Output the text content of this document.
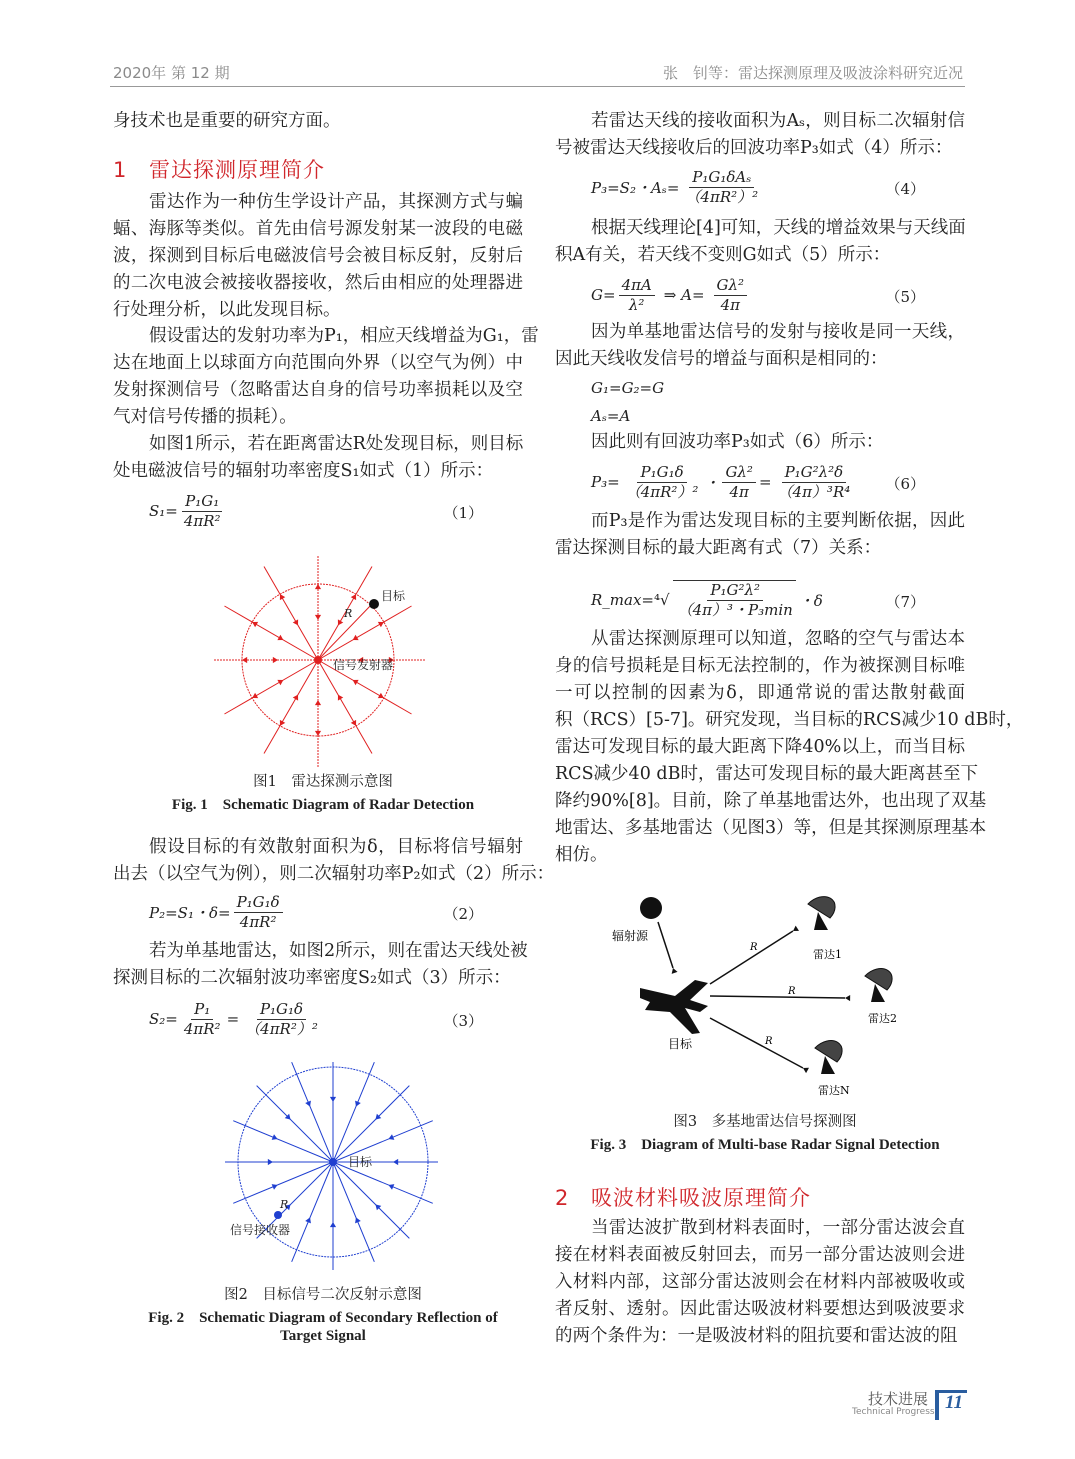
2020年 第 12 期	张　钊等：雷达探测原理及吸波涂料研究近况
身技术也是重要的研究方面。
1 雷达探测原理简介
$S_1= \frac{\text{P₁G₁}}{\text{4πR²}}$	（1）
目标
R
信号发射器
图1　雷达探测示意图
Fig. 1　Schematic Diagram of Radar Detection
P₂=S₁・$\delta= \frac{\text{P₁G₁δ}}{\text{4πR²}}$	（2）
$S_2= \frac{\text{P₁}}{\text{4πR²}} = \frac{\text{P₁G₁δ}}{\text{（4πR²）²}}$	（3）
目标
R
信号接收器
图2　目标信号二次反射示意图
Fig. 2　Schematic Diagram of Secondary Reflection of
Target Signal
雷达作为一种仿生学设计产品，其探测方式与蝙
蝠、海豚等类似。首先由信号源发射某一波段的电磁
波，探测到目标后电磁波信号会被目标反射，反射后
的二次电波会被接收器接收，然后由相应的处理器进
行处理分析，以此发现目标。
假设雷达的发射功率为P₁，相应天线增益为G₁，雷
达在地面上以球面方向范围向外界（以空气为例）中
发射探测信号（忽略雷达自身的信号功率损耗以及空
气对信号传播的损耗）。
如图1所示，若在距离雷达R处发现目标，则目标
处电磁波信号的辐射功率密度S₁如式（1）所示：
假设目标的有效散射面积为δ，目标将信号辐射
出去（以空气为例），则二次辐射功率P₂如式（2）所示：
若为单基地雷达，如图2所示，则在雷达天线处被
探测目标的二次辐射波功率密度S₂如式（3）所示：
P₃=S₂・Aₛ=
P₁G₁δAₛ
（4πR²）²	（4）
$G= \frac{4\pi A}{\text{λ²}}$ ⇒ $A= \frac{\text{Gλ²}}{4\pi}$	（5）
G₁=G₂=G
Aₛ=A
$P_3= \frac{\text{P₁G₁δ}}{\text{（4πR²）²}}$ ・ $\frac{\text{Gλ²}}{4\pi} = \frac{\text{P₁G²λ²δ}}{\text{（4π）³R⁴}} (6)$
R_max= ⁴√
P₁G²λ²
（4π）³・P₃min
・δ	（7）
辐射源
目标
R
R
R
雷达1
雷达2
雷达N
图3　多基地雷达信号探测图
Fig. 3　Diagram of Multi-base Radar Signal Detection
2 吸波材料吸波原理简介
若雷达天线的接收面积为Aₛ，则目标二次辐射信
号被雷达天线接收后的回波功率P₃如式（4）所示：
根据天线理论[4]可知，天线的增益效果与天线面
积A有关，若天线不变则G如式（5）所示：
因为单基地雷达信号的发射与接收是同一天线，
因此天线收发信号的增益与面积是相同的：
因此则有回波功率P₃如式（6）所示：
而P₃是作为雷达发现目标的主要判断依据，因此
雷达探测目标的最大距离有式（7）关系：
从雷达探测原理可以知道，忽略的空气与雷达本
身的信号损耗是目标无法控制的，作为被探测目标唯
一可以控制的因素为δ，即通常说的雷达散射截面
积（RCS）[5-7]。研究发现，当目标的RCS减少10 dB时，
雷达可发现目标的最大距离下降40%以上，而当目标
RCS减少40 dB时，雷达可发现目标的最大距离甚至下
降约90%[8]。目前，除了单基地雷达外，也出现了双基
地雷达、多基地雷达（见图3）等，但是其探测原理基本
相仿。
当雷达波扩散到材料表面时，一部分雷达波会直
接在材料表面被反射回去，而另一部分雷达波则会进
入材料内部，这部分雷达波则会在材料内部被吸收或
者反射、透射。因此雷达吸波材料要想达到吸波要求
的两个条件为：一是吸波材料的阻抗要和雷达波的阻
技术进展
Technical Progress 11
